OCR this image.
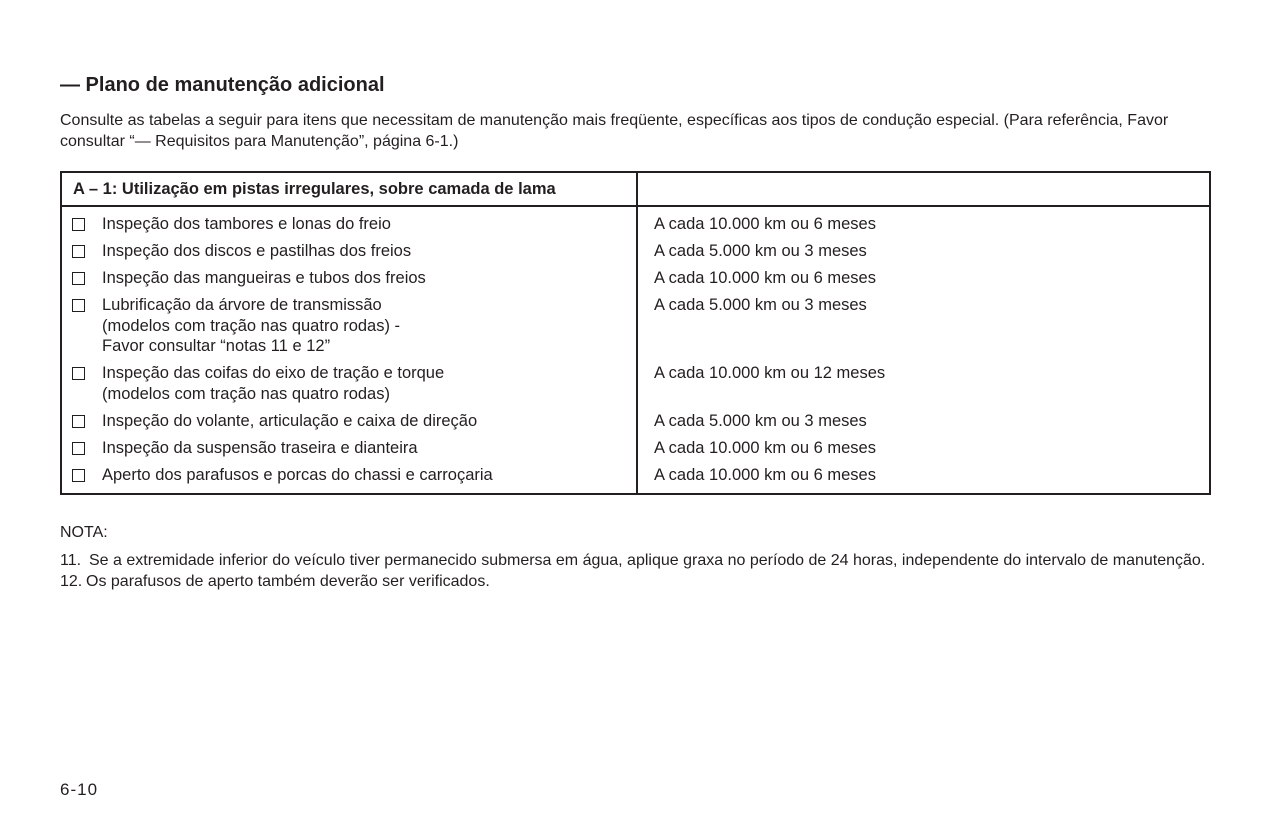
— Plano de manutenção adicional

Consulte as tabelas a seguir para itens que necessitam de manutenção mais freqüente, específicas aos tipos de condução especial. (Para referência, Favor consultar “— Requisitos para Manutenção”, página 6-1.)

A – 1: Utilização em pistas irregulares, sobre camada de lama	

Inspeção dos tambores e lonas do freio	A cada 10.000 km ou 6 meses

Inspeção dos discos e pastilhas dos freios	A cada 5.000 km ou 3 meses

Inspeção das mangueiras e tubos dos freios	A cada 10.000 km ou 6 meses

Lubrificação da árvore de transmissão
(modelos com tração nas quatro rodas) -
Favor consultar “notas 11 e 12”	A cada 5.000 km ou 3 meses

Inspeção das coifas do eixo de tração e torque
(modelos com tração nas quatro rodas)	A cada 10.000 km ou 12 meses

Inspeção do volante, articulação e caixa de direção	A cada 5.000 km ou 3 meses

Inspeção da suspensão traseira e dianteira	A cada 10.000 km ou 6 meses

Aperto dos parafusos e porcas do chassi e carroçaria	A cada 10.000 km ou 6 meses

NOTA:

11. Se a extremidade inferior do veículo tiver permanecido submersa em água, aplique graxa no período de 24 horas, independente do intervalo de manutenção.

12. Os parafusos de aperto também deverão ser verificados.

6-10
